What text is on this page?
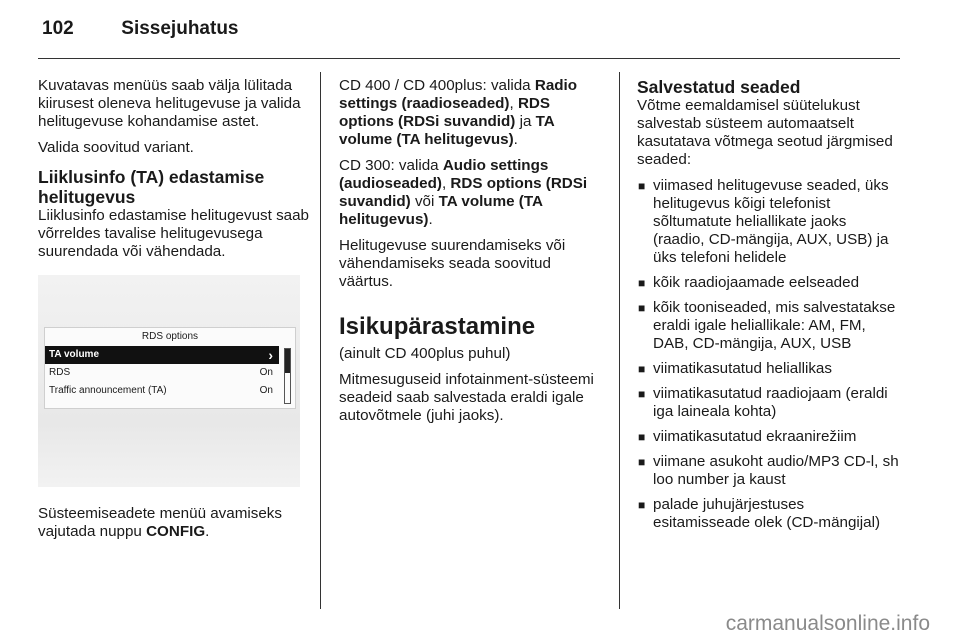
102	Sissejuhatus

Kuvatavas menüüs saab välja lülitada kiirusest oleneva helitugevuse ja valida helitugevuse kohandamise astet.

Valida soovitud variant.

Liiklusinfo (TA) edastamise helitugevus

Liiklusinfo edastamise helitugevust saab võrreldes tavalise helitugevusega suurendada või vähendada.

RDS options
TA volume	›
RDS	On
Traffic announcement (TA)	On

Süsteemiseadete menüü avamiseks vajutada nuppu CONFIG.

CD 400 / CD 400plus: valida Radio settings (raadioseaded), RDS options (RDSi suvandid) ja TA volume (TA helitugevus).

CD 300: valida Audio settings (audioseaded), RDS options (RDSi suvandid) või TA volume (TA helitugevus).

Helitugevuse suurendamiseks või vähendamiseks seada soovitud väärtus.

Isikupärastamine

(ainult CD 400plus puhul)

Mitmesuguseid infotainment-süsteemi seadeid saab salvestada eraldi igale autovõtmele (juhi jaoks).

Salvestatud seaded

Võtme eemaldamisel süütelukust salvestab süsteem automaatselt kasutatava võtmega seotud järgmised seaded:

■ viimased helitugevuse seaded, üks helitugevus kõigi telefonist sõltumatute heliallikate jaoks (raadio, CD-mängija, AUX, USB) ja üks telefoni helidele
■ kõik raadiojaamade eelseaded
■ kõik tooniseaded, mis salvestatakse eraldi igale heliallikale: AM, FM, DAB, CD-mängija, AUX, USB
■ viimatikasutatud heliallikas
■ viimatikasutatud raadiojaam (eraldi iga laineala kohta)
■ viimatikasutatud ekraanirežiim
■ viimane asukoht audio/MP3 CD-l, sh loo number ja kaust
■ palade juhujärjestuses esitamisseade olek (CD-mängijal)
carmanualsonline.info
